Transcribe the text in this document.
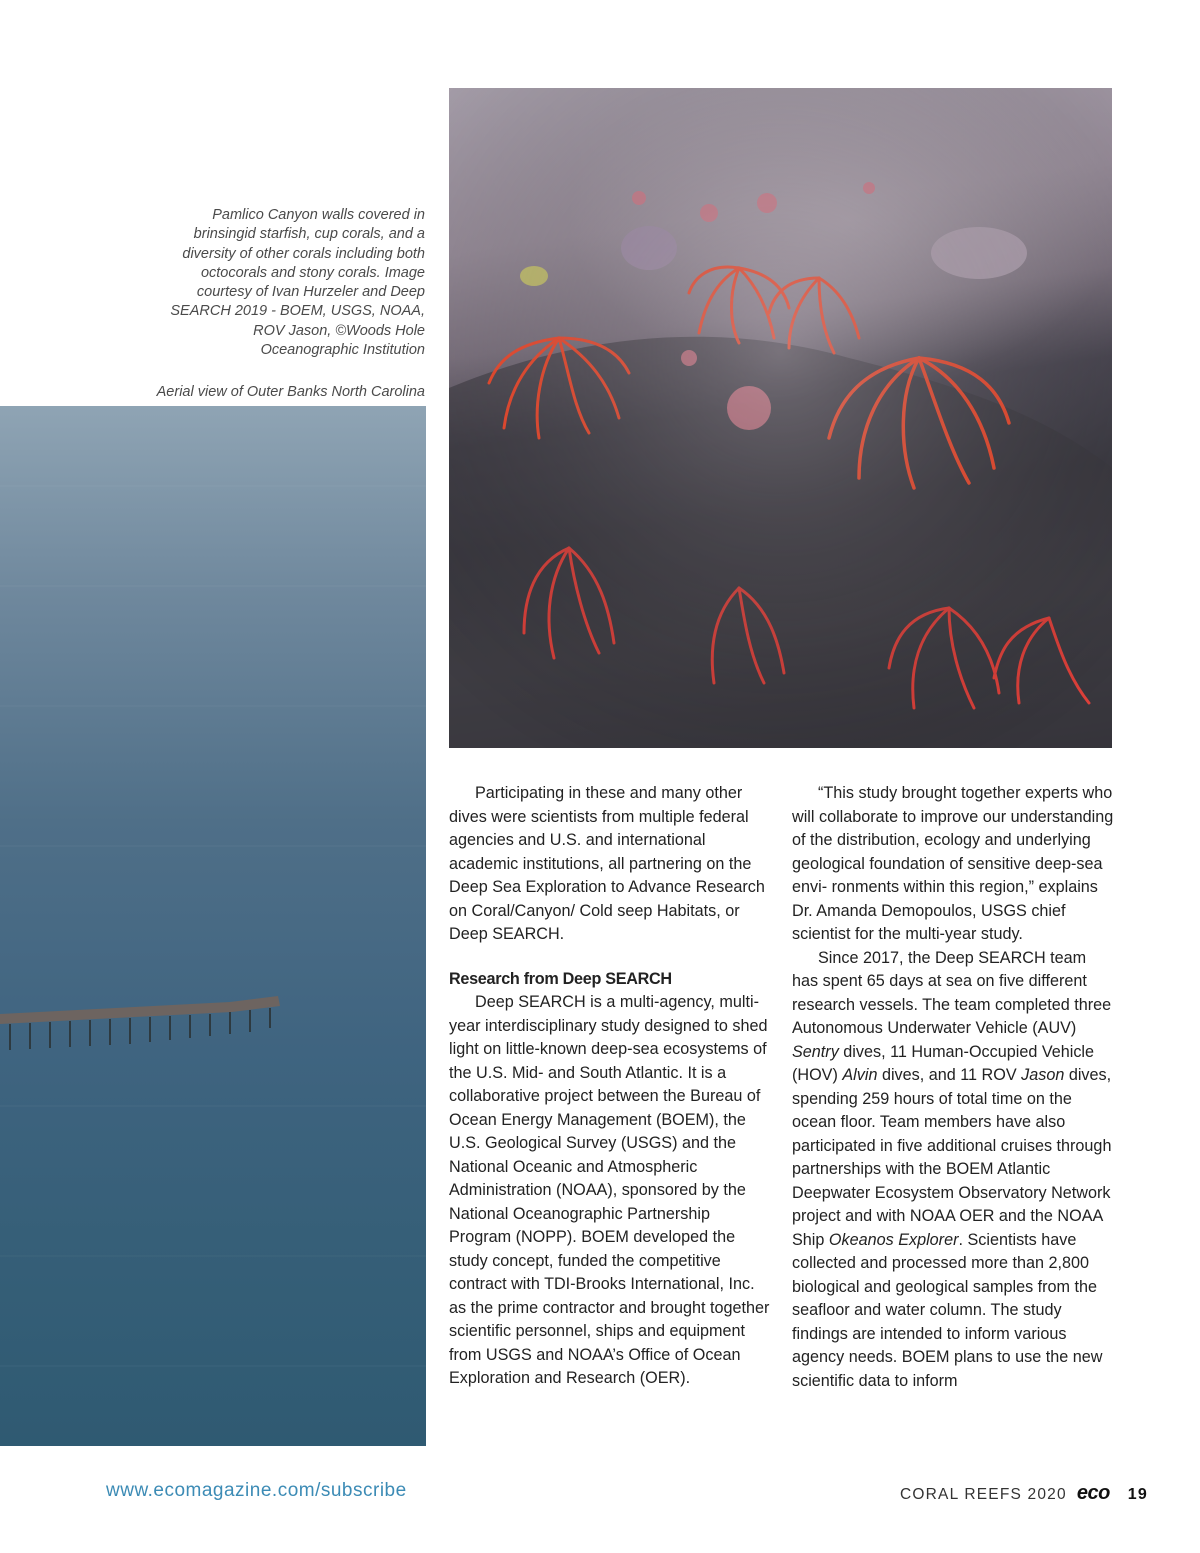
Pamlico Canyon walls covered in brinsingid starfish, cup corals, and a diversity of other corals including both octocorals and stony corals. Image courtesy of Ivan Hurzeler and Deep SEARCH 2019 - BOEM, USGS, NOAA, ROV Jason, ©Woods Hole Oceanographic Institution
Aerial view of Outer Banks North Carolina

Participating in these and many other dives were scientists from multiple federal agencies and U.S. and international academic institutions, all partnering on the Deep Sea Exploration to Advance Research on Coral/Canyon/ Cold seep Habitats, or Deep SEARCH.

Research from Deep SEARCH

Deep SEARCH is a multi-agency, multi-year interdisciplinary study designed to shed light on little-known deep-sea ecosystems of the U.S. Mid- and South Atlantic. It is a collaborative project between the Bureau of Ocean Energy Management (BOEM), the U.S. Geological Survey (USGS) and the National Oceanic and Atmospheric Administration (NOAA), sponsored by the National Oceanographic Partnership Program (NOPP). BOEM developed the study concept, funded the competitive contract with TDI-Brooks International, Inc. as the prime contractor and brought together scientific personnel, ships and equipment from USGS and NOAA’s Office of Ocean Exploration and Research (OER).

“This study brought together experts who will collaborate to improve our understanding of the distribution, ecology and underlying geological foundation of sensitive deep-sea envi- ronments within this region,” explains Dr. Amanda Demopoulos, USGS chief scientist for the multi-year study.

Since 2017, the Deep SEARCH team has spent 65 days at sea on five different research vessels. The team completed three Autonomous Underwater Vehicle (AUV) Sentry dives, 11 Human-Occupied Vehicle (HOV) Alvin dives, and 11 ROV Jason dives, spending 259 hours of total time on the ocean floor. Team members have also participated in five additional cruises through partnerships with the BOEM Atlantic Deepwater Ecosystem Observatory Network project and with NOAA OER and the NOAA Ship Okeanos Explorer. Scientists have collected and processed more than 2,800 biological and geological samples from the seafloor and water column. The study findings are intended to inform various agency needs. BOEM plans to use the new scientific data to inform

www.ecomagazine.com/subscribe	CORAL REEFS 2020 eco 19
